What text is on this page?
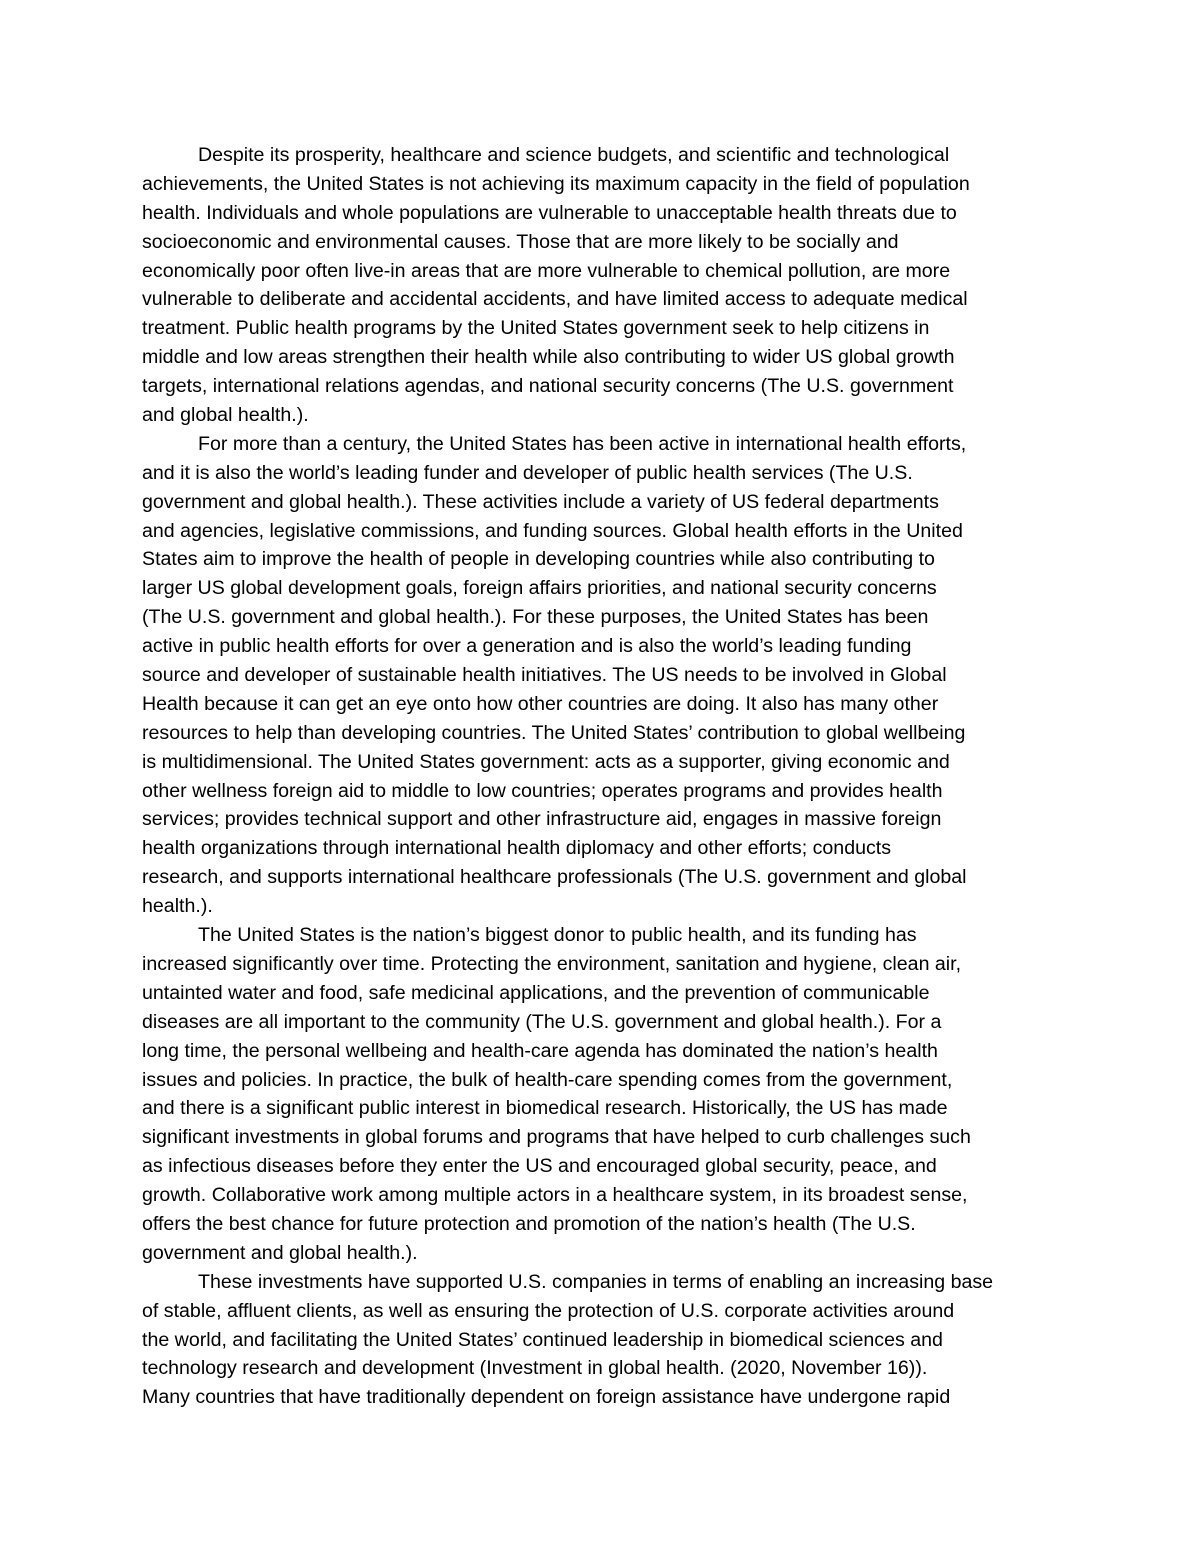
Despite its prosperity, healthcare and science budgets, and scientific and technological
achievements, the United States is not achieving its maximum capacity in the field of population
health. Individuals and whole populations are vulnerable to unacceptable health threats due to
socioeconomic and environmental causes. Those that are more likely to be socially and
economically poor often live-in areas that are more vulnerable to chemical pollution, are more
vulnerable to deliberate and accidental accidents, and have limited access to adequate medical
treatment. Public health programs by the United States government seek to help citizens in
middle and low areas strengthen their health while also contributing to wider US global growth
targets, international relations agendas, and national security concerns (The U.S. government
and global health.).
For more than a century, the United States has been active in international health efforts,
and it is also the world’s leading funder and developer of public health services (The U.S.
government and global health.). These activities include a variety of US federal departments
and agencies, legislative commissions, and funding sources. Global health efforts in the United
States aim to improve the health of people in developing countries while also contributing to
larger US global development goals, foreign affairs priorities, and national security concerns
(The U.S. government and global health.). For these purposes, the United States has been
active in public health efforts for over a generation and is also the world’s leading funding
source and developer of sustainable health initiatives. The US needs to be involved in Global
Health because it can get an eye onto how other countries are doing. It also has many other
resources to help than developing countries. The United States’ contribution to global wellbeing
is multidimensional. The United States government: acts as a supporter, giving economic and
other wellness foreign aid to middle to low countries; operates programs and provides health
services; provides technical support and other infrastructure aid, engages in massive foreign
health organizations through international health diplomacy and other efforts; conducts
research, and supports international healthcare professionals (The U.S. government and global
health.).
The United States is the nation’s biggest donor to public health, and its funding has
increased significantly over time. Protecting the environment, sanitation and hygiene, clean air,
untainted water and food, safe medicinal applications, and the prevention of communicable
diseases are all important to the community (The U.S. government and global health.). For a
long time, the personal wellbeing and health-care agenda has dominated the nation’s health
issues and policies. In practice, the bulk of health-care spending comes from the government,
and there is a significant public interest in biomedical research. Historically, the US has made
significant investments in global forums and programs that have helped to curb challenges such
as infectious diseases before they enter the US and encouraged global security, peace, and
growth. Collaborative work among multiple actors in a healthcare system, in its broadest sense,
offers the best chance for future protection and promotion of the nation’s health (The U.S.
government and global health.).
These investments have supported U.S. companies in terms of enabling an increasing base
of stable, affluent clients, as well as ensuring the protection of U.S. corporate activities around
the world, and facilitating the United States’ continued leadership in biomedical sciences and
technology research and development (Investment in global health. (2020, November 16)).
Many countries that have traditionally dependent on foreign assistance have undergone rapid
